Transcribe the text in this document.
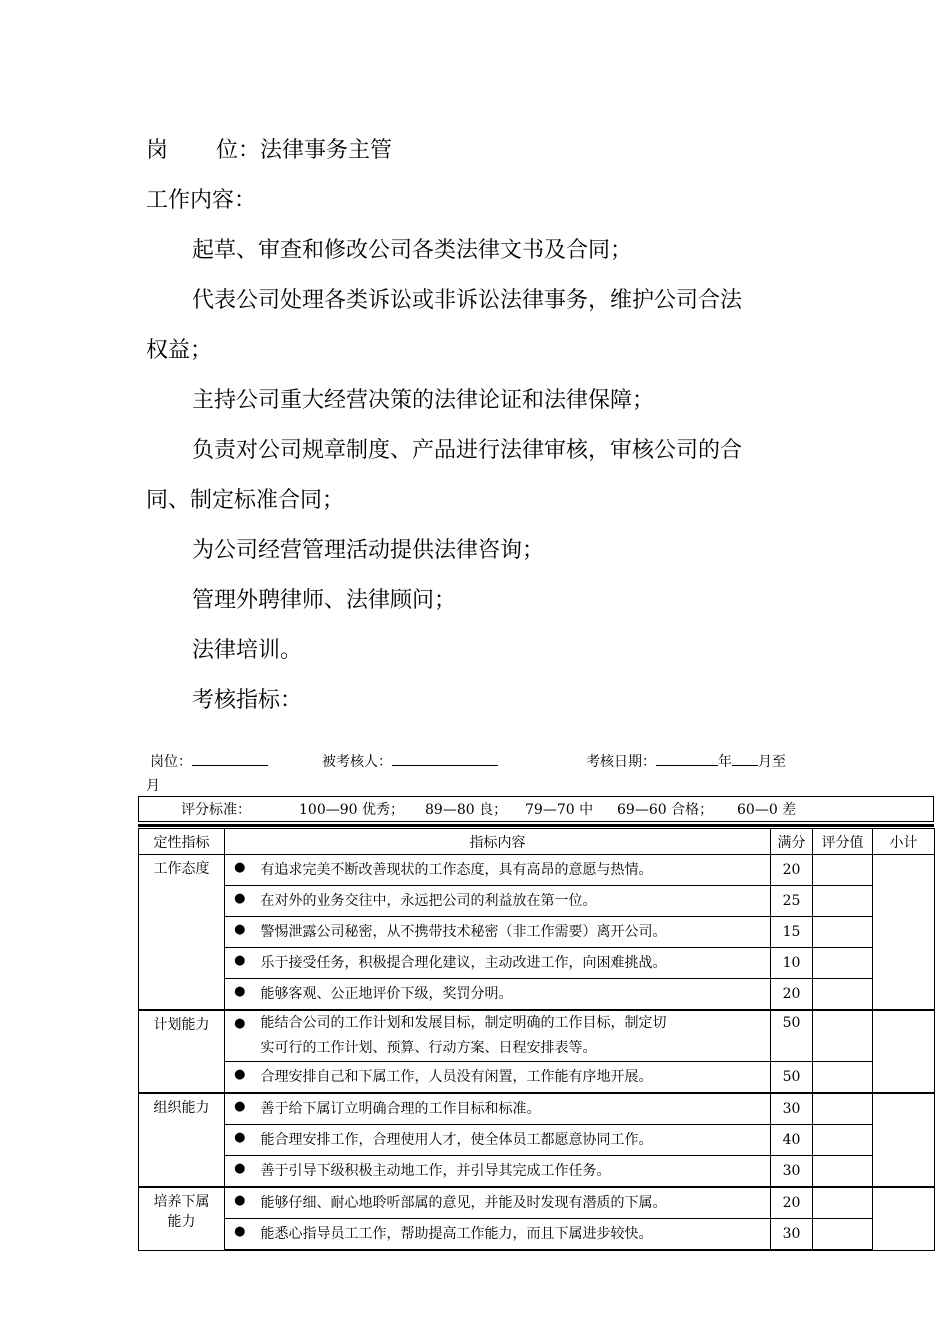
岗 位：法律事务主管
工作内容：
起草、审查和修改公司各类法律文书及合同；
代表公司处理各类诉讼或非诉讼法律事务，维护公司合法
权益；
主持公司重大经营决策的法律论证和法律保障；
负责对公司规章制度、产品进行法律审核，审核公司的合
同、制定标准合同；
为公司经营管理活动提供法律咨询；
管理外聘律师、法律顾问；
法律培训。
考核指标：
岗位：	被考核人：	考核日期：	年 月至
月
评分标准：	100—90 优秀； 89—80 良； 79—70 中 69—60 合格； 60—0 差
定性指标	指标内容		满分	评分值	小计
工作态度	●	有追求完美不断改善现状的工作态度，具有高昂的意愿与热情。	20		
	●	在对外的业务交往中，永远把公司的利益放在第一位。	25		
	●	警惕泄露公司秘密，从不携带技术秘密（非工作需要）离开公司。	15		
	●	乐于接受任务，积极提合理化建议，主动改进工作，向困难挑战。	10		
	●	能够客观、公正地评价下级，奖罚分明。	20		
计划能力	●	能结合公司的工作计划和发展目标，制定明确的工作目标，制定切
实可行的工作计划、预算、行动方案、日程安排表等。	50		
	●	合理安排自己和下属工作，人员没有闲置，工作能有序地开展。	50		
组织能力	●	善于给下属订立明确合理的工作目标和标准。	30		
	●	能合理安排工作，合理使用人才，使全体员工都愿意协同工作。	40		
	●	善于引导下级积极主动地工作，并引导其完成工作任务。	30		

培养下属
能力	●	能够仔细、耐心地聆听部属的意见，并能及时发现有潜质的下属。	20		
	●	能悉心指导员工工作，帮助提高工作能力，而且下属进步较快。	30		
